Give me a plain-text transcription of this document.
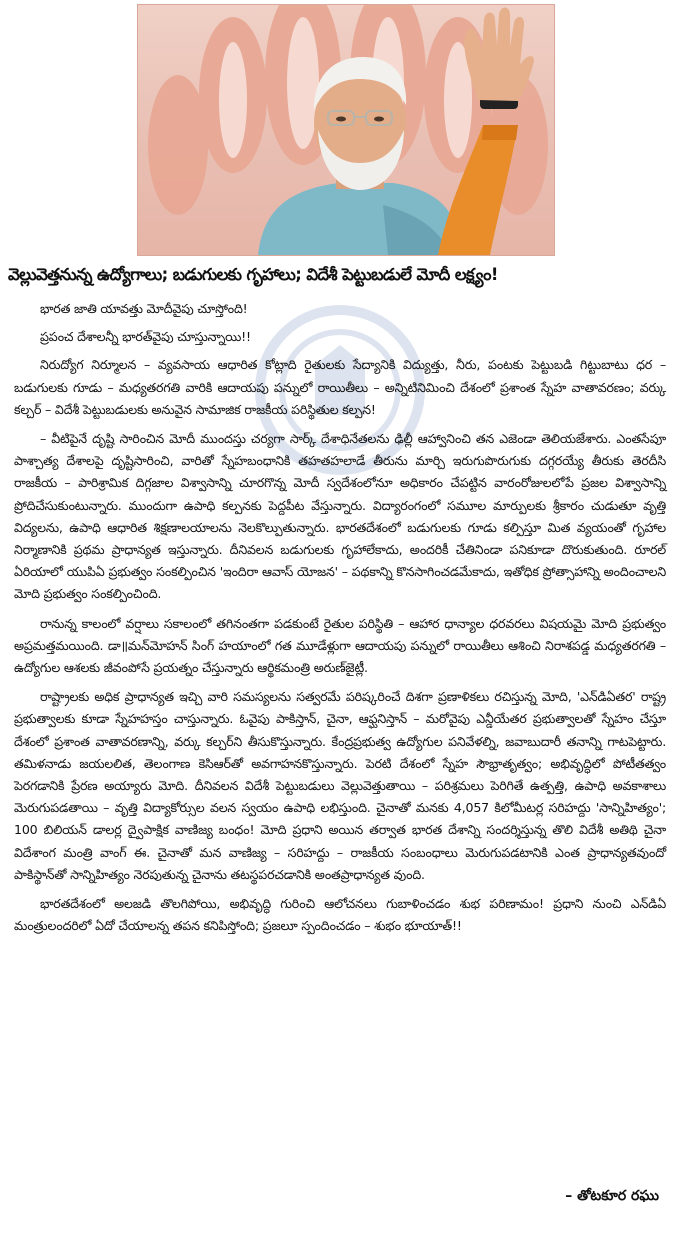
వెల్లువెత్తనున్న ఉద్యోగాలు; బడుగులకు గృహాలు; విదేశీ పెట్టుబడులే మోదీ లక్ష్యం!

భారత జాతి యావత్తు మోదీవైపు చూస్తోంది!

ప్రపంచ దేశాలన్నీ భారత్‌వైపు చూస్తున్నాయి!!

నిరుద్యోగ నిర్మూలన – వ్యవసాయ ఆధారిత కోట్లాది రైతులకు సేద్యానికి విద్యుత్తు, నీరు, పంటకు పెట్టుబడి గిట్టుబాటు ధర – బడుగులకు గూడు – మధ్యతరగతి వారికి ఆదాయపు పన్నులో రాయితీలు – అన్నిటినిమించి దేశంలో ప్రశాంత స్నేహ వాతావరణం; వర్కు కల్చర్ – విదేశీ పెట్టుబడులకు అనువైన సామాజిక రాజకీయ పరిస్థితుల కల్పన!

– వీటిపైనే దృష్టి సారించిన మోదీ ముందస్తు చర్యగా సార్క్ దేశాధినేతలను ఢిల్లీ ఆహ్వానించి తన ఎజెండా తెలియజేశారు. ఎంతసేపూ పాశ్చాత్య దేశాలపై దృష్టిసారించి, వారితో స్నేహబంధానికి తహతహలాడే తీరును మార్చి ఇరుగుపొరుగుకు దగ్గరయ్యే తీరుకు తెరదీసి రాజకీయ – పారిశ్రామిక దిగ్గజాల విశ్వాసాన్ని చూరగొన్న మోదీ స్వదేశంలోనూ అధికారం చేపట్టిన వారంరోజులలోపే ప్రజల విశ్వాసాన్ని ప్రోదిచేసుకుంటున్నారు. ముందుగా ఉపాధి కల్పనకు పెద్దపీట వేస్తున్నారు. విద్యారంగంలో సమూల మార్పులకు శ్రీకారం చుడుతూ వృత్తి విద్యలను, ఉపాధి ఆధారిత శిక్షణాలయాలను నెలకొల్పుతున్నారు. భారతదేశంలో బడుగులకు గూడు కల్పిస్తూ మిత వ్యయంతో గృహాల నిర్మాణానికి ప్రథమ ప్రాధాన్యత ఇస్తున్నారు. దీనివలన బడుగులకు గృహాలేకాదు, అందరికీ చేతినిండా పనికూడా దొరుకుతుంది. రూరల్ ఏరియాలో యుపిఏ ప్రభుత్వం సంకల్పించిన 'ఇందిరా ఆవాస్ యోజన' – పథకాన్ని కొనసాగించడమేకాదు, ఇతోధిక ప్రోత్సాహాన్ని అందించాలని మోది ప్రభుత్వం సంకల్పించింది.

రానున్న కాలంలో వర్షాలు సకాలంలో తగినంతగా పడకుంటే రైతుల పరిస్థితి – ఆహార ధాన్యాల ధరవరలు విషయమై మోది ప్రభుత్వం అప్రమత్తమయింది. డా॥మన్‌మోహన్ సింగ్ హయాంలో గత మూడేళ్లుగా ఆదాయపు పన్నులో రాయితీలు ఆశించి నిరాశపడ్డ మధ్యతరగతి – ఉద్యోగుల ఆశలకు జీవంపోసే ప్రయత్నం చేస్తున్నారు ఆర్థికమంత్రి అరుణ్‌జైట్లీ.

రాష్ట్రాలకు అధిక ప్రాధాన్యత ఇచ్చి వారి సమస్యలను సత్వరమే పరిష్కరించే దిశగా ప్రణాళికలు రచిస్తున్న మోది, 'ఎన్‌డిఏతర' రాష్ట్ర ప్రభుత్వాలకు కూడా స్నేహహస్తం చాస్తున్నారు. ఓవైపు పాకిస్తాన్, చైనా, ఆఫ్ఘనిస్తాన్ – మరోవైపు ఎన్డీయేతర ప్రభుత్వాలతో స్నేహం చేస్తూ దేశంలో ప్రశాంత వాతావరణాన్ని, వర్కు కల్చర్‌ని తీసుకొస్తున్నారు. కేంద్రప్రభుత్వ ఉద్యోగుల పనివేళల్ని, జవాబుదారీ తనాన్ని గాటపెట్టారు. తమిళనాడు జయలలిత, తెలంగాణ కెసిఆర్‌తో అవగాహనకొస్తున్నారు. పెరటి దేశంలో స్నేహ సౌభ్రాతృత్వం; అభివృద్ధిలో పోటీతత్వం పెరగడానికి ప్రేరణ అయ్యారు మోది. దీనివలన విదేశీ పెట్టుబడులు వెల్లువెత్తుతాయి – పరిశ్రమలు పెరిగితే ఉత్పత్తి, ఉపాధి అవకాశాలు మెరుగుపడతాయి – వృత్తి విద్యాకోర్సుల వలన స్వయం ఉపాధి లభిస్తుంది. చైనాతో మనకు 4,057 కిలోమీటర్ల సరిహద్దు 'సాన్నిహిత్యం'; 100 బిలియన్ డాలర్ల ద్వైపాక్షిక వాణిజ్య బంధం! మోది ప్రధాని అయిన తర్వాత భారత దేశాన్ని సందర్శిస్తున్న తొలి విదేశీ అతిథి చైనా విదేశాంగ మంత్రి వాంగ్ ఈ. చైనాతో మన వాణిజ్య – సరిహద్దు – రాజకీయ సంబంధాలు మెరుగుపడటానికి ఎంత ప్రాధాన్యతవుందో పాకిస్థాన్‌తో సాన్నిహిత్యం నెరపుతున్న చైనాను తటస్థపరచడానికి అంతప్రాధాన్యత వుంది.

భారతదేశంలో అలజడి తొలగిపోయి, అభివృద్ధి గురించి ఆలోచనలు గుబాళించడం శుభ పరిణామం! ప్రధాని నుంచి ఎన్‌డిఏ మంత్రులందరిలో ఏదో చేయాలన్న తపన కనిపిస్తోంది; ప్రజలూ స్పందించడం – శుభం భూయాత్!!

– తోటకూర రఘు
